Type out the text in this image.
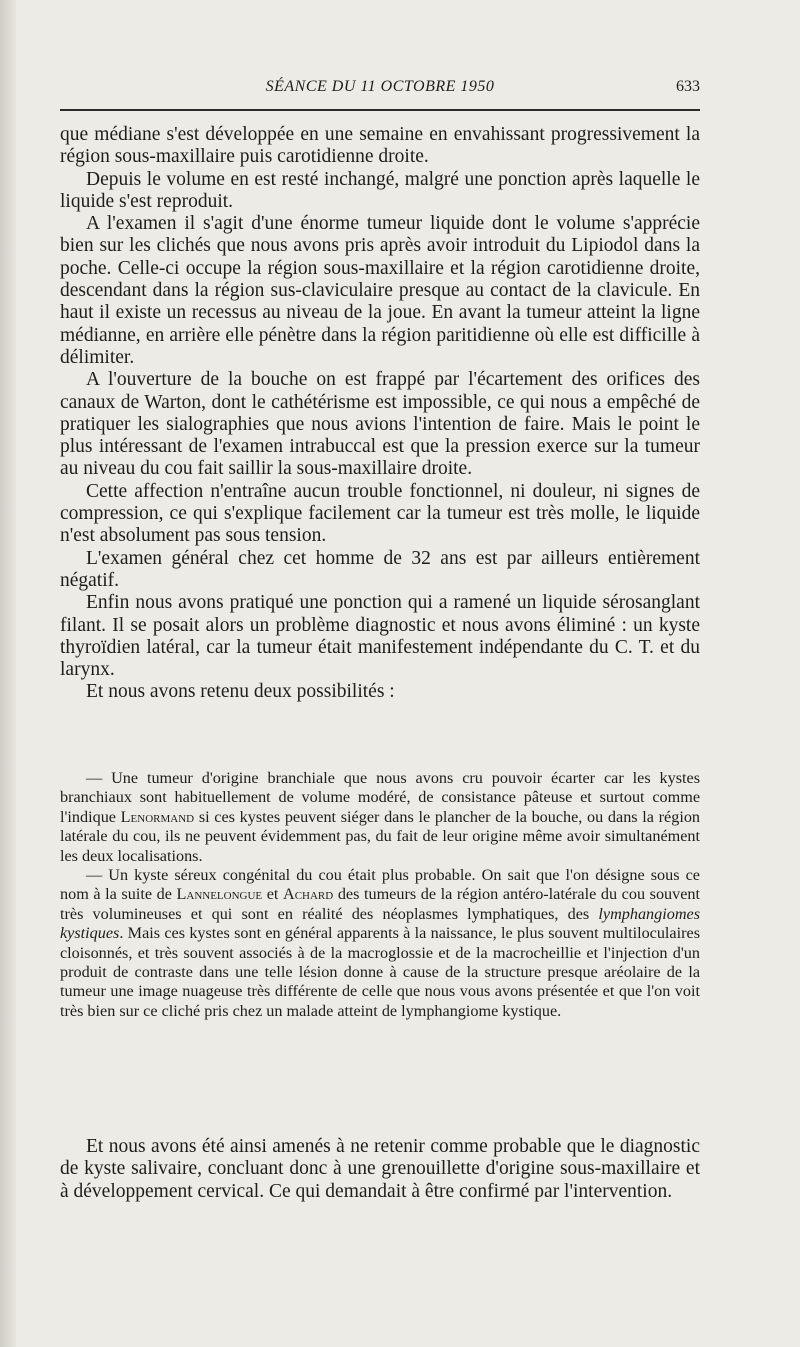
SÉANCE DU 11 OCTOBRE 1950	633

que médiane s'est développée en une semaine en envahissant progressivement la région sous-maxillaire puis carotidienne droite.

Depuis le volume en est resté inchangé, malgré une ponction après laquelle le liquide s'est reproduit.

A l'examen il s'agit d'une énorme tumeur liquide dont le volume s'apprécie bien sur les clichés que nous avons pris après avoir introduit du Lipiodol dans la poche. Celle-ci occupe la région sous-maxillaire et la région carotidienne droite, descendant dans la région sus-claviculaire presque au contact de la clavicule. En haut il existe un recessus au niveau de la joue. En avant la tumeur atteint la ligne médianne, en arrière elle pénètre dans la région paritidienne où elle est difficille à délimiter.

A l'ouverture de la bouche on est frappé par l'écartement des orifices des canaux de Warton, dont le cathétérisme est impossible, ce qui nous a empêché de pratiquer les sialographies que nous avions l'intention de faire. Mais le point le plus intéressant de l'examen intrabuccal est que la pression exerce sur la tumeur au niveau du cou fait saillir la sous-maxillaire droite.

Cette affection n'entraîne aucun trouble fonctionnel, ni douleur, ni signes de compression, ce qui s'explique facilement car la tumeur est très molle, le liquide n'est absolument pas sous tension.

L'examen général chez cet homme de 32 ans est par ailleurs entièrement négatif.

Enfin nous avons pratiqué une ponction qui a ramené un liquide sérosanglant filant. Il se posait alors un problème diagnostic et nous avons éliminé : un kyste thyroïdien latéral, car la tumeur était manifestement indépendante du C. T. et du larynx.

Et nous avons retenu deux possibilités :

— Une tumeur d'origine branchiale que nous avons cru pouvoir écarter car les kystes branchiaux sont habituellement de volume modéré, de consistance pâteuse et surtout comme l'indique Lenormand si ces kystes peuvent siéger dans le plancher de la bouche, ou dans la région latérale du cou, ils ne peuvent évidemment pas, du fait de leur origine même avoir simultanément les deux localisations.

— Un kyste séreux congénital du cou était plus probable. On sait que l'on désigne sous ce nom à la suite de Lannelongue et Achard des tumeurs de la région antéro-latérale du cou souvent très volumineuses et qui sont en réalité des néoplasmes lymphatiques, des lymphangiomes kystiques. Mais ces kystes sont en général apparents à la naissance, le plus souvent multiloculaires cloisonnés, et très souvent associés à de la macroglossie et de la macrocheillie et l'injection d'un produit de contraste dans une telle lésion donne à cause de la structure presque aréolaire de la tumeur une image nuageuse très différente de celle que nous vous avons présentée et que l'on voit très bien sur ce cliché pris chez un malade atteint de lymphangiome kystique.

Et nous avons été ainsi amenés à ne retenir comme probable que le diagnostic de kyste salivaire, concluant donc à une grenouillette d'origine sous-maxillaire et à développement cervical. Ce qui demandait à être confirmé par l'intervention.
